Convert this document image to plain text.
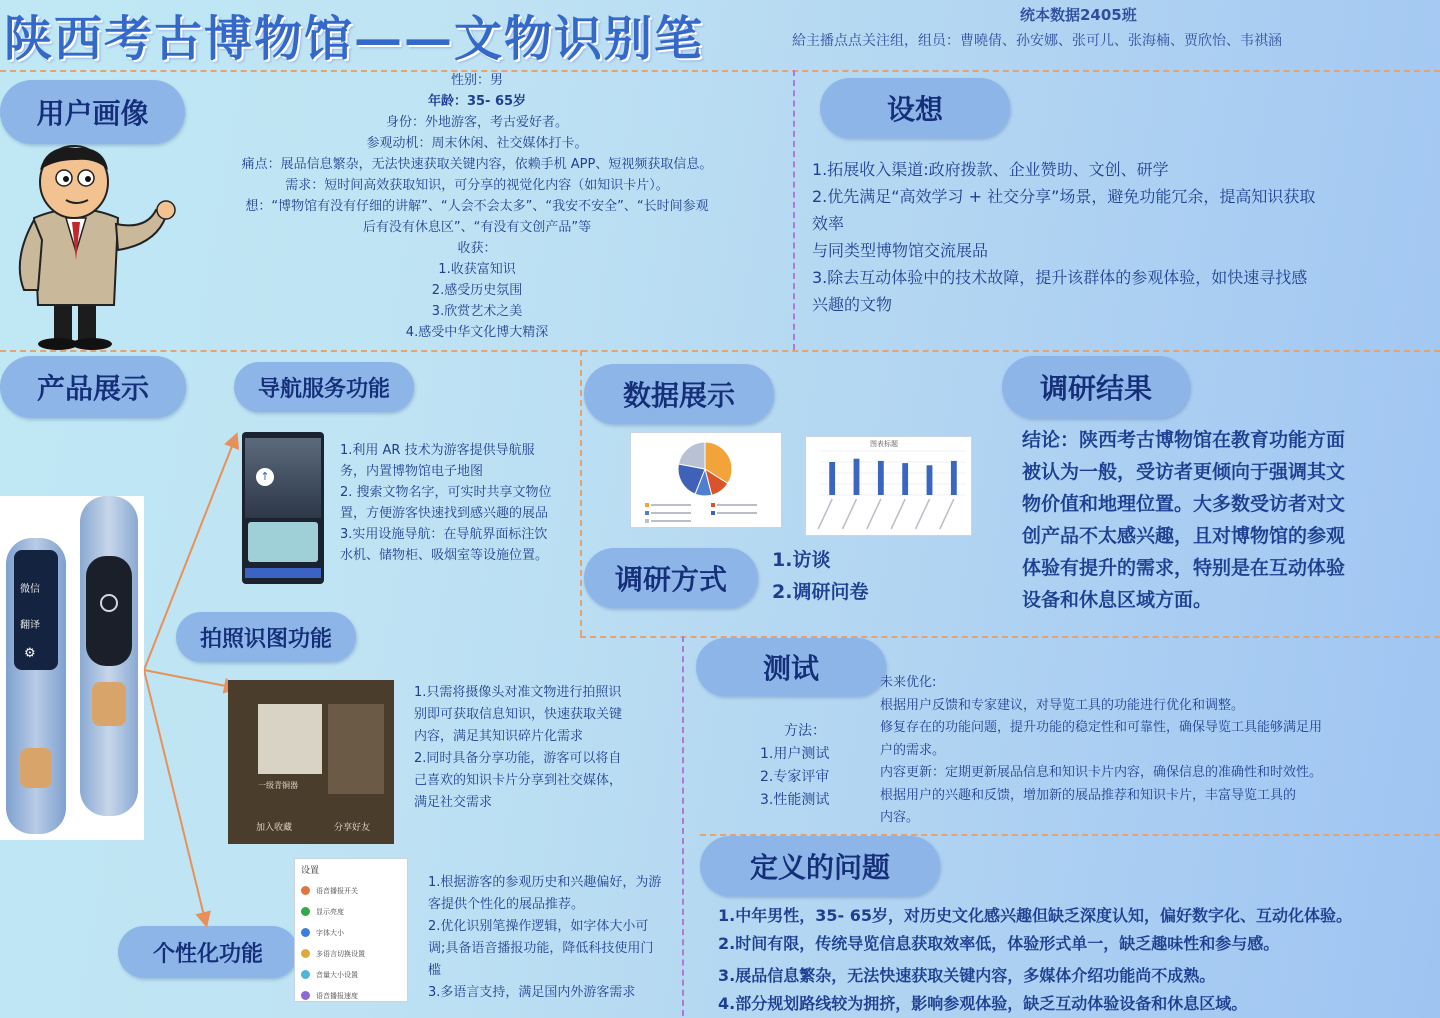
陕西考古博物馆——文物识别笔	统本数据2405班
給主播点点关注组，组员：曹曉倩、孙安娜、张可儿、张海楠、贾欣怡、韦祺涵
用户画像
性别：男
年龄：35- 65岁
身份：外地游客，考古爱好者。
参观动机：周末休闲、社交媒体打卡。
痛点：展品信息繁杂，无法快速获取关键内容，依赖手机 APP、短视频获取信息。
需求：短时间高效获取知识，可分享的视觉化内容（如知识卡片）。
想：“博物馆有没有仔细的讲解”、“人会不会太多”、“我安不安全”、“长时间参观
后有没有休息区”、“有没有文创产品”等
收获：
1.收获富知识
2.感受历史氛围
3.欣赏艺术之美
4.感受中华文化博大精深
设想
1.拓展收入渠道:政府拨款、企业赞助、文创、研学
2.优先满足“高效学习 + 社交分享”场景，避免功能冗余，提高知识获取
效率
与同类型博物馆交流展品
3.除去互动体验中的技术故障，提升该群体的参观体验，如快速寻找感
兴趣的文物
产品展示	导航服务功能
拍照识图功能
个性化功能
微信
翻译
⚙
↑
1.利用 AR 技术为游客提供导航服
务，内置博物馆电子地图
2. 搜索文物名字，可实时共享文物位
置，方便游客快速找到感兴趣的展品
3.实用设施导航：在导航界面标注饮
水机、储物柜、吸烟室等设施位置。
一级青铜器
加入收藏	分享好友
1.只需将摄像头对准文物进行拍照识
别即可获取信息知识，快速获取关键
内容，满足其知识碎片化需求
2.同时具备分享功能，游客可以将自
己喜欢的知识卡片分享到社交媒体，
满足社交需求
设置
语音播报开关
显示亮度
字体大小
多语言切换设置
音量大小设置
语音播报速度
1.根据游客的参观历史和兴趣偏好，为游
客提供个性化的展品推荐。
2.优化识别笔操作逻辑，如字体大小可
调;具备语音播报功能，降低科技使用门
槛
3.多语言支持，满足国内外游客需求
数据展示
图表标题
调研方式
1.访谈
2.调研问卷
调研结果
结论：陕西考古博物馆在教育功能方面
被认为一般，受访者更倾向于强调其文
物价值和地理位置。大多数受访者对文
创产品不太感兴趣，且对博物馆的参观
体验有提升的需求，特别是在互动体验
设备和休息区域方面。
测试
方法：
1.用户测试
2.专家评审
3.性能测试
未来优化:
根据用户反馈和专家建议，对导览工具的功能进行优化和调整。
修复存在的功能问题，提升功能的稳定性和可靠性，确保导览工具能够满足用
户的需求。
内容更新：定期更新展品信息和知识卡片内容，确保信息的准确性和时效性。
根据用户的兴趣和反馈，增加新的展品推荐和知识卡片，丰富导览工具的
内容。
定义的问题
1.中年男性，35- 65岁，对历史文化感兴趣但缺乏深度认知，偏好数字化、互动化体验。
2.时间有限，传统导览信息获取效率低，体验形式单一，缺乏趣味性和参与感。
3.展品信息繁杂，无法快速获取关键内容，多媒体介绍功能尚不成熟。
4.部分规划路线较为拥挤，影响参观体验，缺乏互动体验设备和休息区域。
